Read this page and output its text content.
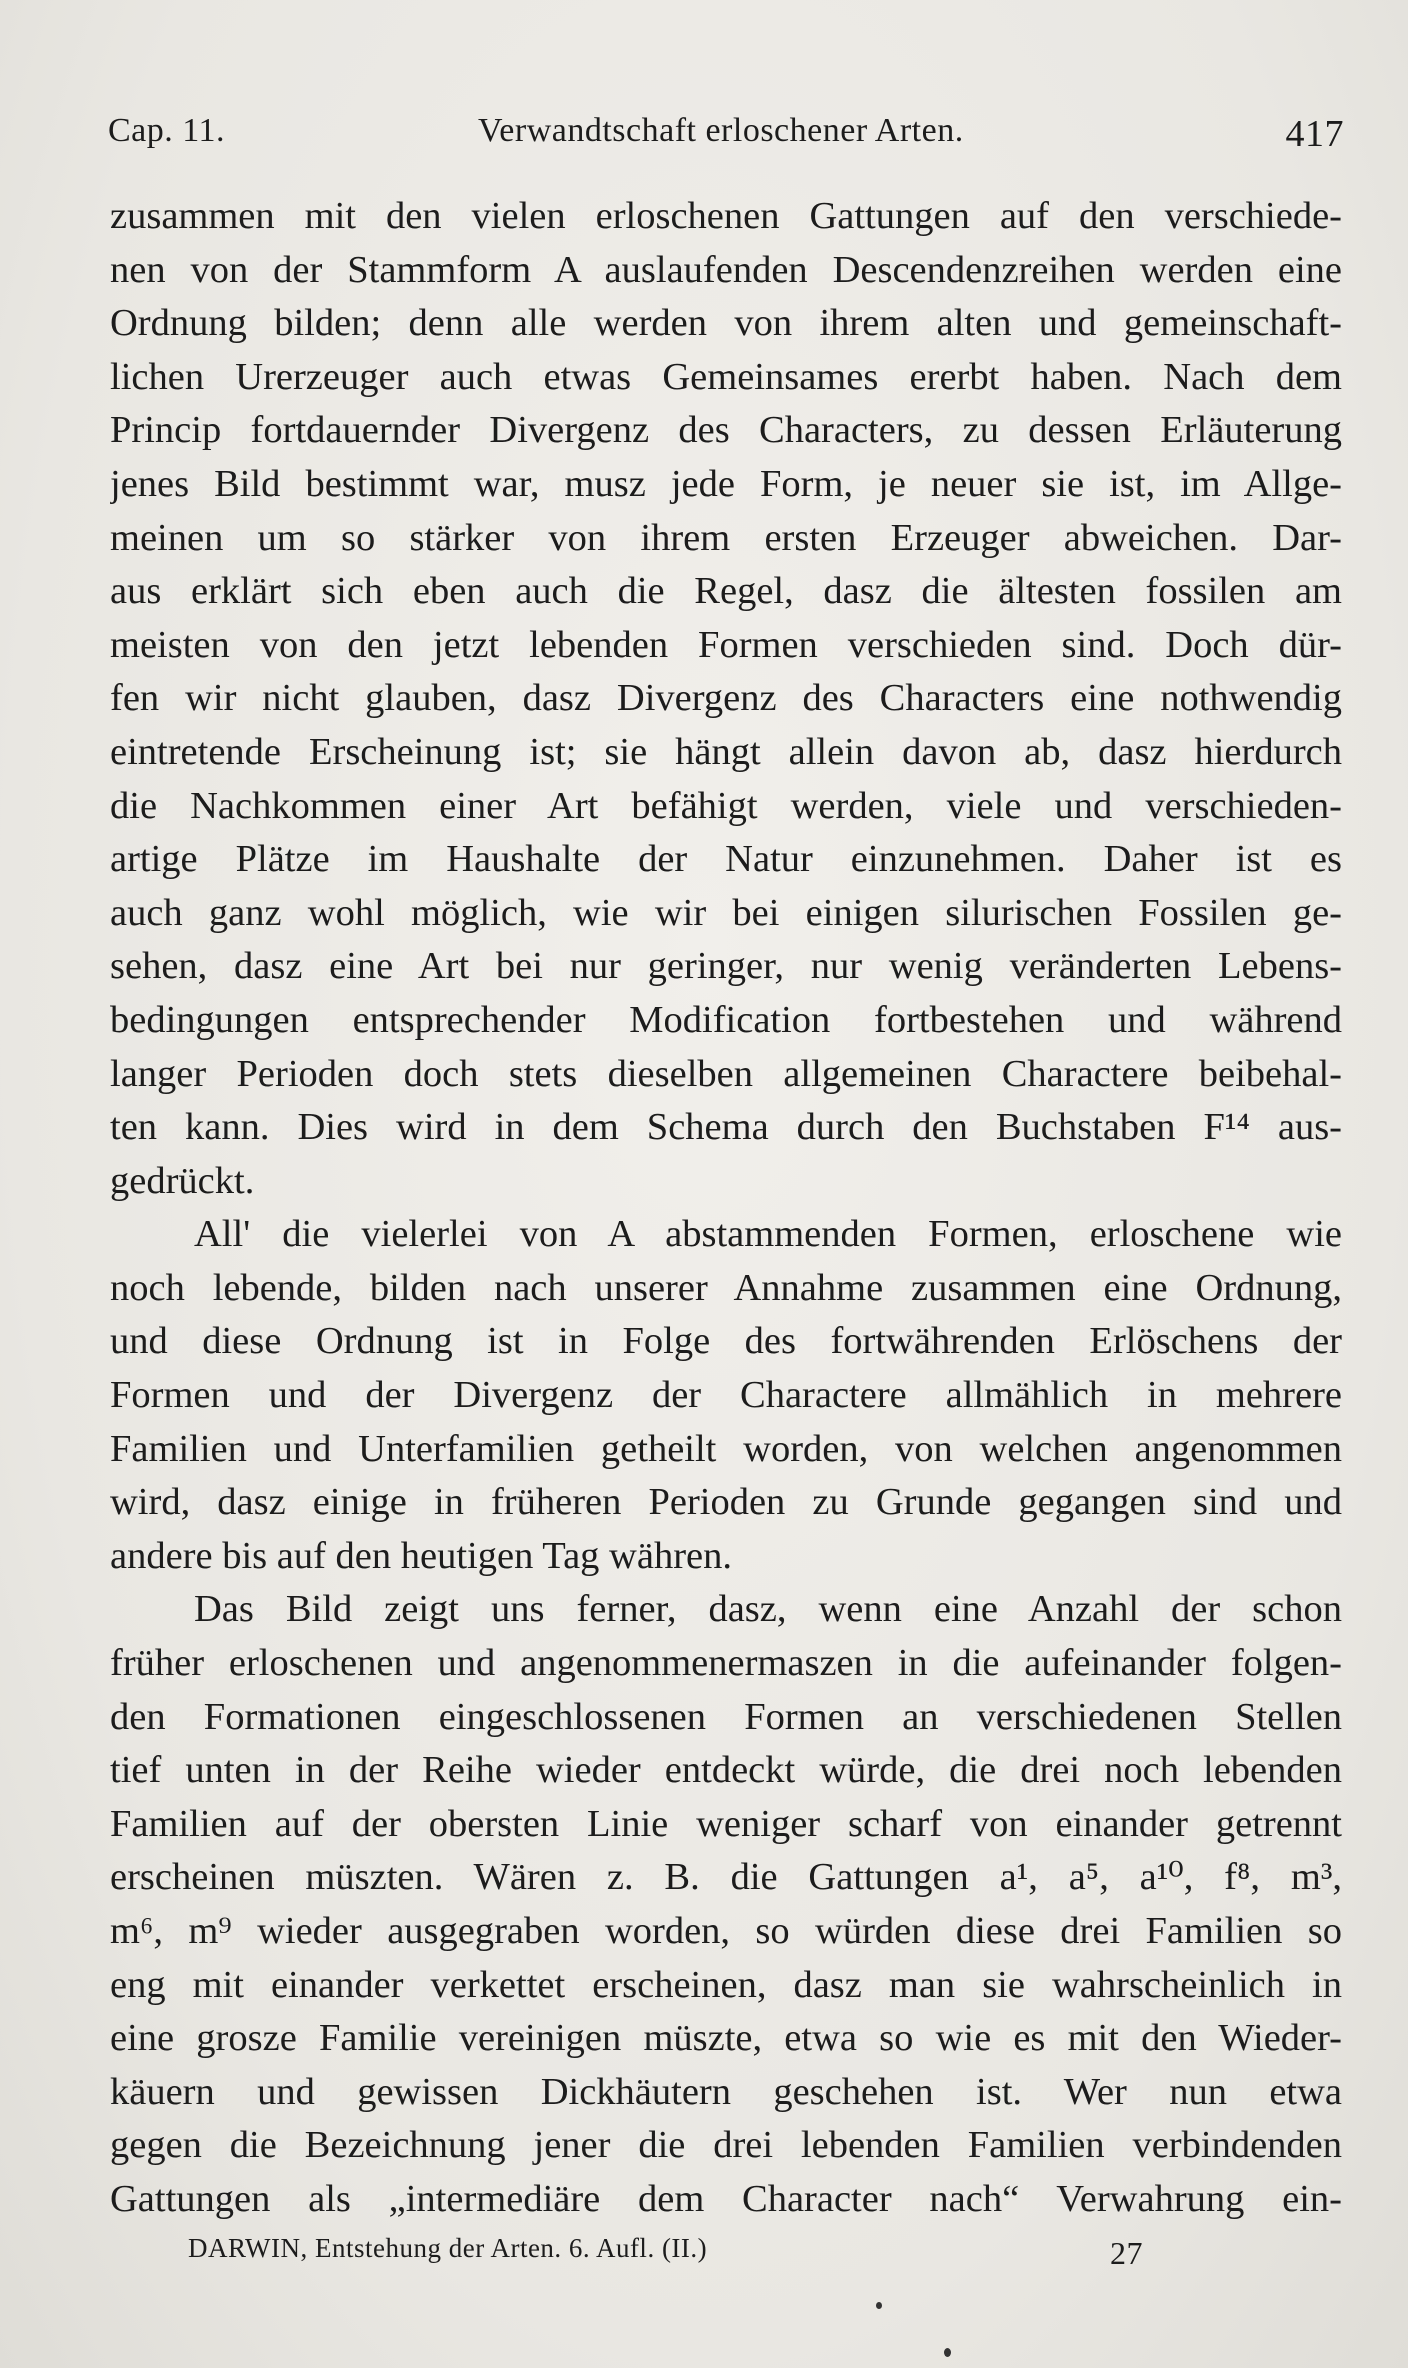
Cap. 11.	Verwandtschaft erloschener Arten.	417
zusammen mit den vielen erloschenen Gattungen auf den verschiede-
nen von der Stammform A auslaufenden Descendenzreihen werden eine
Ordnung bilden; denn alle werden von ihrem alten und gemeinschaft-
lichen Urerzeuger auch etwas Gemeinsames ererbt haben. Nach dem
Princip fortdauernder Divergenz des Characters, zu dessen Erläuterung
jenes Bild bestimmt war, musz jede Form, je neuer sie ist, im Allge-
meinen um so stärker von ihrem ersten Erzeuger abweichen. Dar-
aus erklärt sich eben auch die Regel, dasz die ältesten fossilen am
meisten von den jetzt lebenden Formen verschieden sind. Doch dür-
fen wir nicht glauben, dasz Divergenz des Characters eine nothwendig
eintretende Erscheinung ist; sie hängt allein davon ab, dasz hierdurch
die Nachkommen einer Art befähigt werden, viele und verschieden-
artige Plätze im Haushalte der Natur einzunehmen. Daher ist es
auch ganz wohl möglich, wie wir bei einigen silurischen Fossilen ge-
sehen, dasz eine Art bei nur geringer, nur wenig veränderten Lebens-
bedingungen entsprechender Modification fortbestehen und während
langer Perioden doch stets dieselben allgemeinen Charactere beibehal-
ten kann. Dies wird in dem Schema durch den Buchstaben F¹⁴ aus-
gedrückt.
All' die vielerlei von A abstammenden Formen, erloschene wie
noch lebende, bilden nach unserer Annahme zusammen eine Ordnung,
und diese Ordnung ist in Folge des fortwährenden Erlöschens der
Formen und der Divergenz der Charactere allmählich in mehrere
Familien und Unterfamilien getheilt worden, von welchen angenommen
wird, dasz einige in früheren Perioden zu Grunde gegangen sind und
andere bis auf den heutigen Tag währen.
Das Bild zeigt uns ferner, dasz, wenn eine Anzahl der schon
früher erloschenen und angenommenermaszen in die aufeinander folgen-
den Formationen eingeschlossenen Formen an verschiedenen Stellen
tief unten in der Reihe wieder entdeckt würde, die drei noch lebenden
Familien auf der obersten Linie weniger scharf von einander getrennt
erscheinen müszten. Wären z. B. die Gattungen a¹, a⁵, a¹⁰, f⁸, m³,
m⁶, m⁹ wieder ausgegraben worden, so würden diese drei Familien so
eng mit einander verkettet erscheinen, dasz man sie wahrscheinlich in
eine grosze Familie vereinigen müszte, etwa so wie es mit den Wieder-
käuern und gewissen Dickhäutern geschehen ist. Wer nun etwa
gegen die Bezeichnung jener die drei lebenden Familien verbindenden
Gattungen als „intermediäre dem Character nach“ Verwahrung ein-
DARWIN, Entstehung der Arten. 6. Aufl. (II.)	27
